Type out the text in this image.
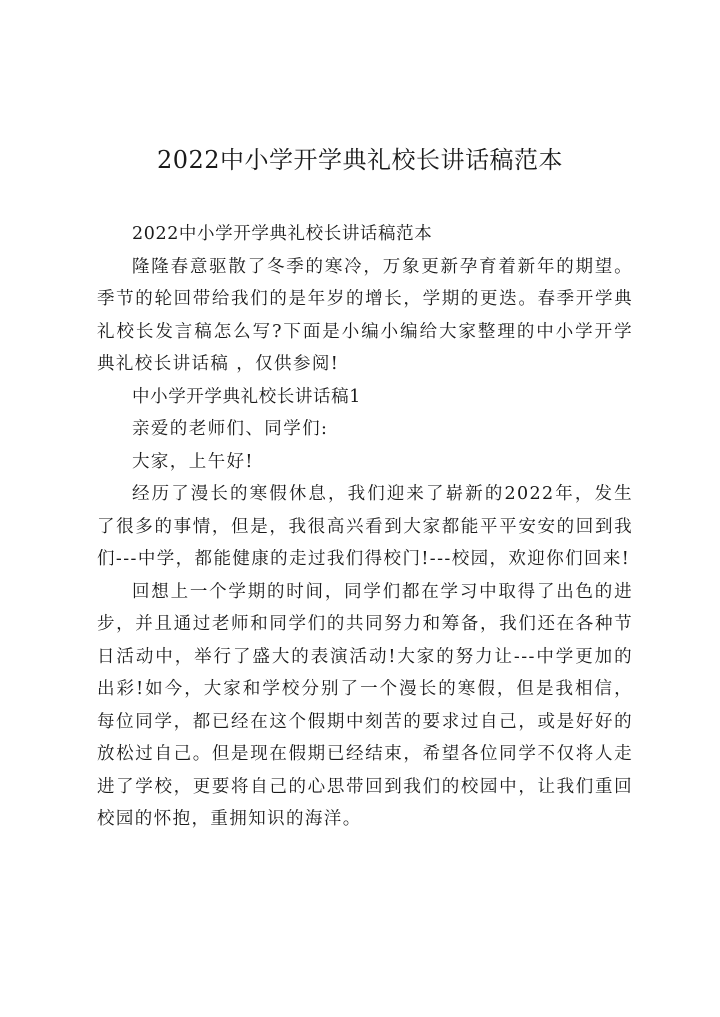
2022中小学开学典礼校长讲话稿范本

2022中小学开学典礼校长讲话稿范本

隆隆春意驱散了冬季的寒冷，万象更新孕育着新年的期望。季节的轮回带给我们的是年岁的增长，学期的更迭。春季开学典礼校长发言稿怎么写?下面是小编小编给大家整理的中小学开学典礼校长讲话稿 ，仅供参阅!

中小学开学典礼校长讲话稿1

亲爱的老师们、同学们:

大家，上午好!

经历了漫长的寒假休息，我们迎来了崭新的2022年，发生了很多的事情，但是，我很高兴看到大家都能平平安安的回到我们---中学，都能健康的走过我们得校门!---校园，欢迎你们回来!

回想上一个学期的时间，同学们都在学习中取得了出色的进步，并且通过老师和同学们的共同努力和筹备，我们还在各种节日活动中，举行了盛大的表演活动!大家的努力让---中学更加的出彩!如今，大家和学校分别了一个漫长的寒假，但是我相信，每位同学，都已经在这个假期中刻苦的要求过自己，或是好好的放松过自己。但是现在假期已经结束，希望各位同学不仅将人走进了学校，更要将自己的心思带回到我们的校园中，让我们重回校园的怀抱，重拥知识的海洋。
